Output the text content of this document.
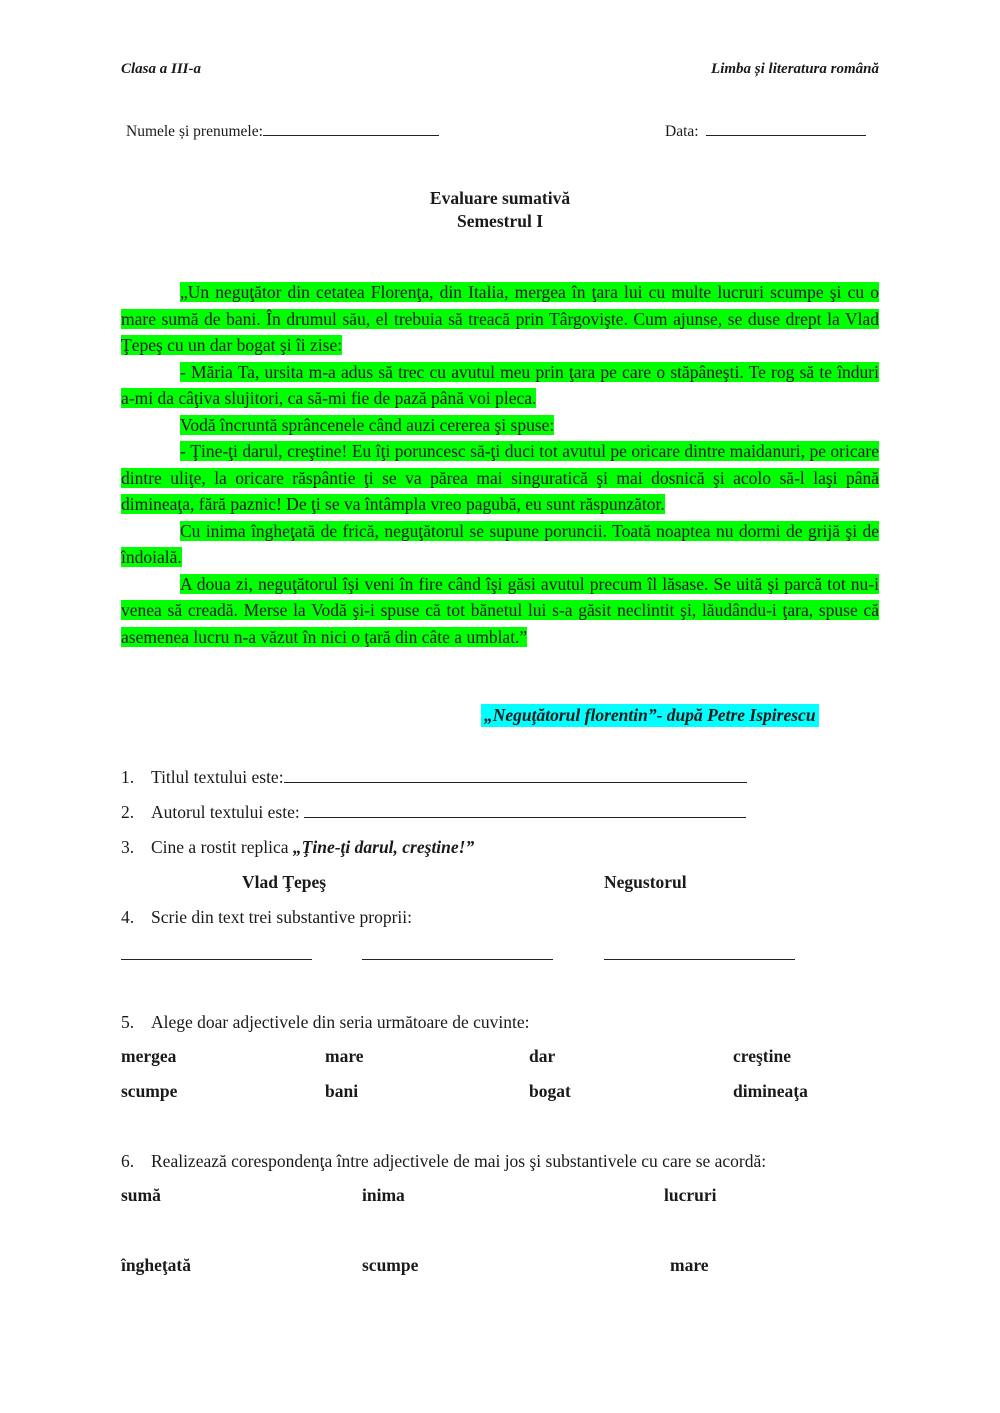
Clasa a III-a	Limba și literatura română
Numele și prenumele:	Data:
Evaluare sumativă
Semestrul I

„Un neguţător din cetatea Florenţa, din Italia, mergea în ţara lui cu multe lucruri scumpe şi cu o mare sumă de bani. În drumul său, el trebuia să treacă prin Târgovişte. Cum ajunse, se duse drept la Vlad Ţepeş cu un dar bogat şi îi zise:

- Măria Ta, ursita m-a adus să trec cu avutul meu prin ţara pe care o stăpâneşti. Te rog să te înduri a-mi da câţiva slujitori, ca să-mi fie de pază până voi pleca.

Vodă încruntă sprâncenele când auzi cererea şi spuse:

- Ţine-ţi darul, creştine! Eu îţi poruncesc să-ţi duci tot avutul pe oricare dintre maidanuri, pe oricare dintre uliţe, la oricare răspântie ţi se va părea mai singuratică şi mai dosnică şi acolo să-l laşi până dimineaţa, fără paznic! De ţi se va întâmpla vreo pagubă, eu sunt răspunzător.

Cu inima îngheţată de frică, neguţătorul se supune poruncii. Toată noaptea nu dormi de grijă şi de îndoială.

A doua zi, neguţătorul îşi veni în fire când îşi găsi avutul precum îl lăsase. Se uită şi parcă tot nu-i venea să creadă. Merse la Vodă şi-i spuse că tot bănetul lui s-a găsit neclintit şi, lăudându-i ţara, spuse că asemenea lucru n-a văzut în nici o ţară din câte a umblat.”

„Neguţătorul florentin”- după Petre Ispirescu
1. Titlul textului este:
2. Autorul textului este:
3. Cine a rostit replica „Ţine-ţi darul, creştine!”
Vlad Ţepeş	Negustorul
4. Scrie din text trei substantive proprii:
5. Alege doar adjectivele din seria următoare de cuvinte:
mergea	mare	dar	creştine
scumpe	bani	bogat	dimineaţa
6. Realizează corespondenţa între adjectivele de mai jos şi substantivele cu care se acordă:
sumă	inima	lucruri
îngheţată	scumpe	mare
